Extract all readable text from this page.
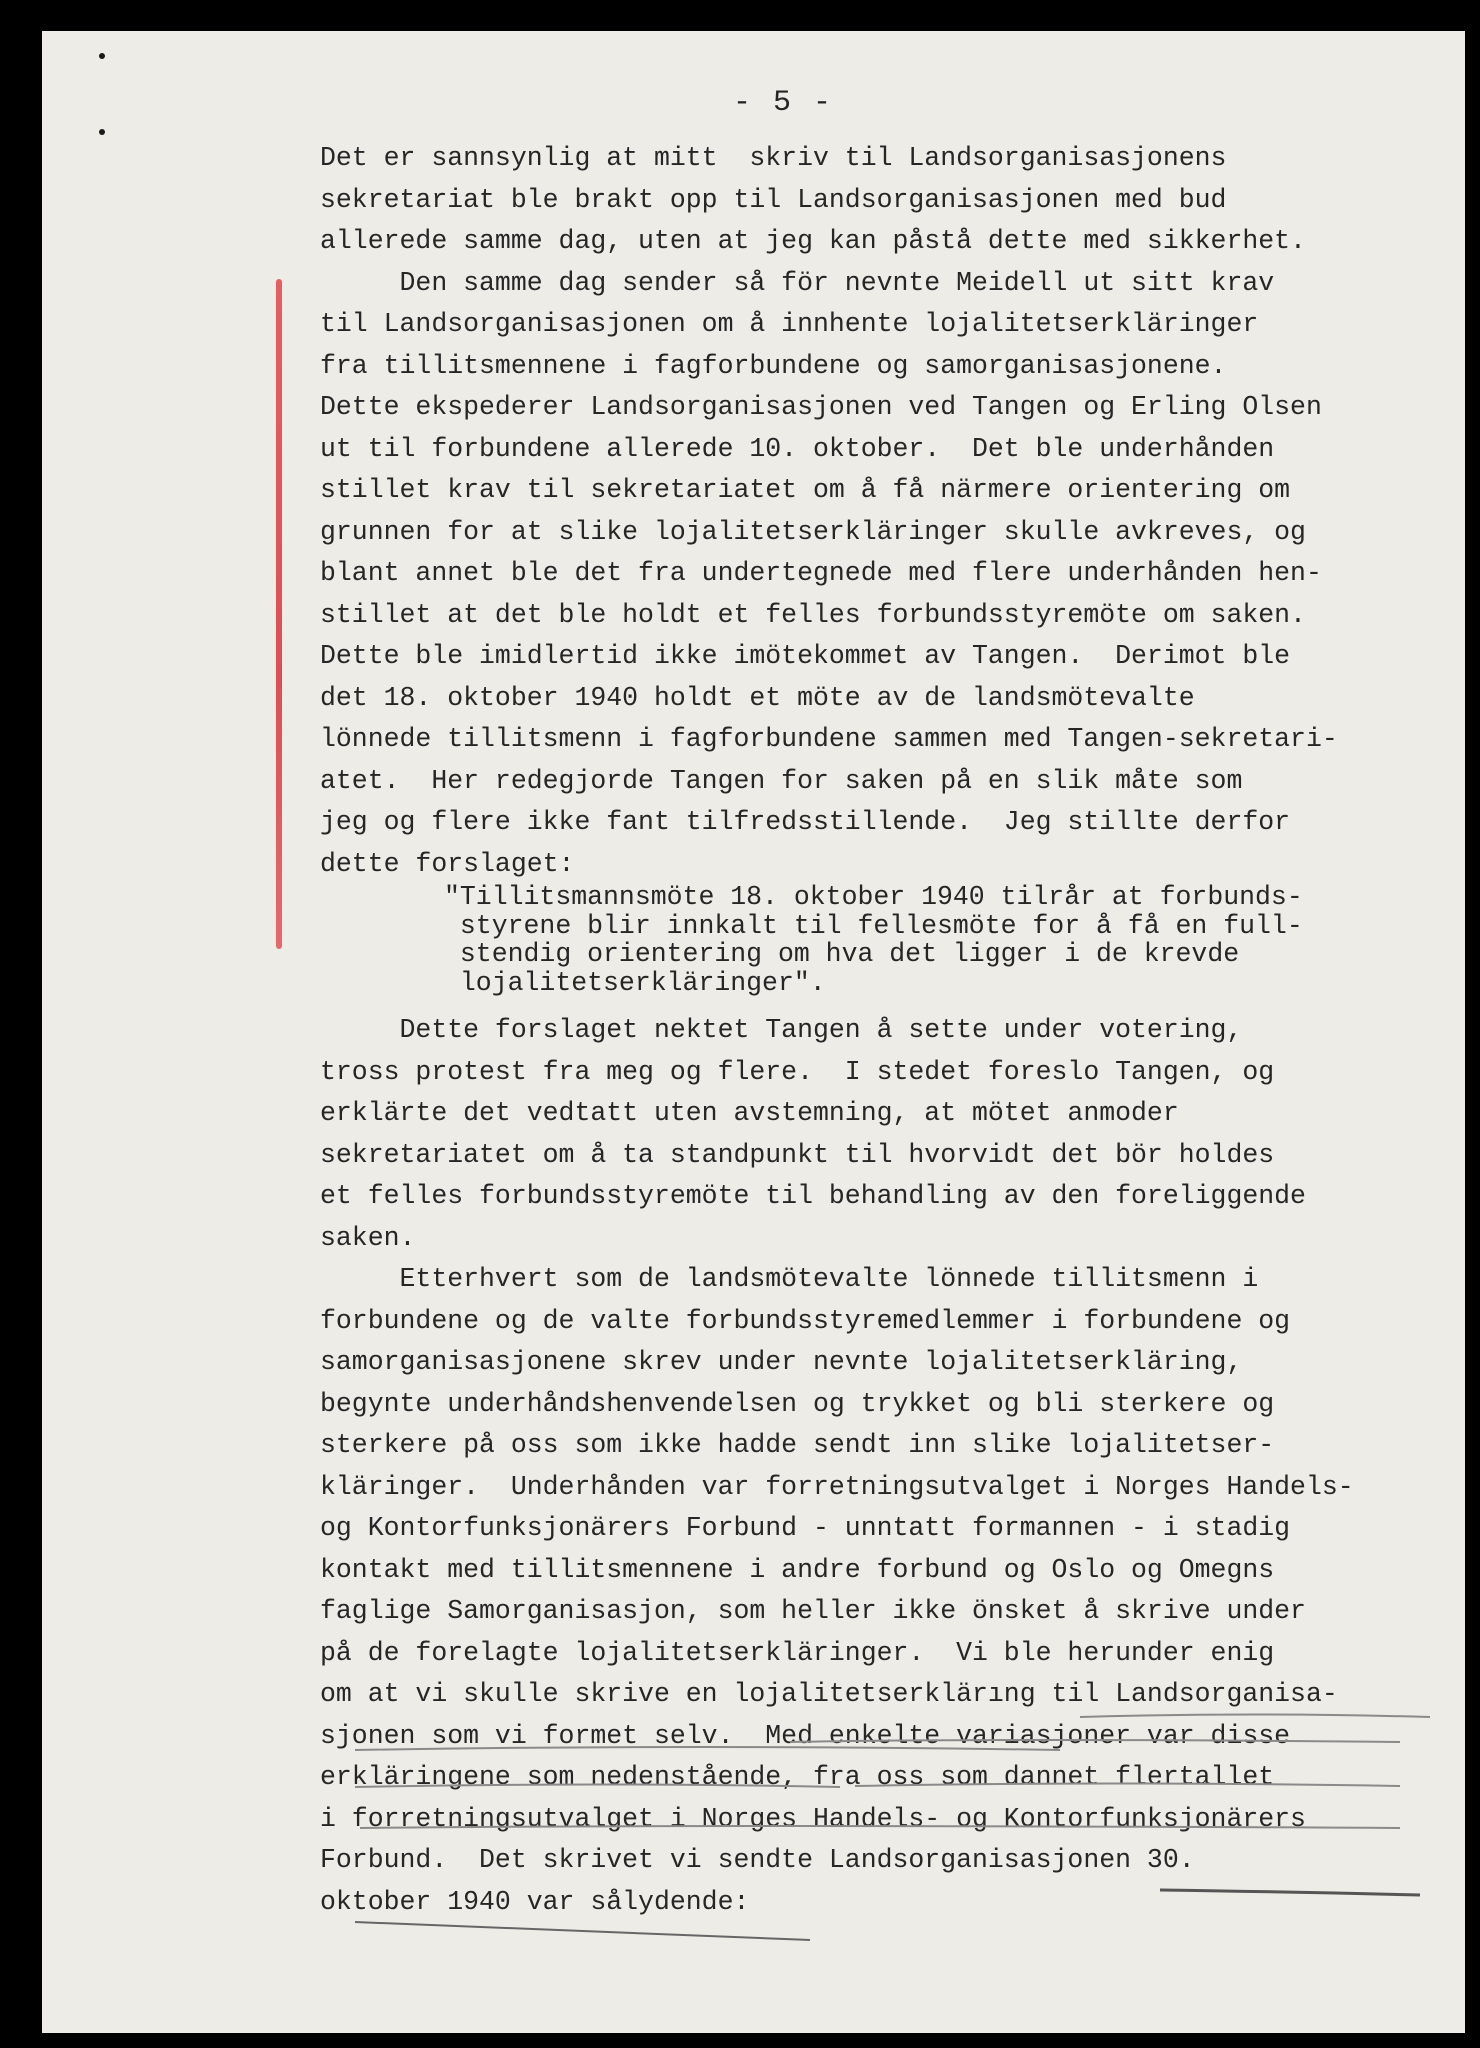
- 5 -
Det er sannsynlig at mitt  skriv til Landsorganisasjonens
sekretariat ble brakt opp til Landsorganisasjonen med bud
allerede samme dag, uten at jeg kan påstå dette med sikkerhet.
Den samme dag sender så för nevnte Meidell ut sitt krav
til Landsorganisasjonen om å innhente lojalitetserkläringer
fra tillitsmennene i fagforbundene og samorganisasjonene.
Dette ekspederer Landsorganisasjonen ved Tangen og Erling Olsen
ut til forbundene allerede 10. oktober.  Det ble underhånden
stillet krav til sekretariatet om å få närmere orientering om
grunnen for at slike lojalitetserkläringer skulle avkreves, og
blant annet ble det fra undertegnede med flere underhånden hen-
stillet at det ble holdt et felles forbundsstyremöte om saken.
Dette ble imidlertid ikke imötekommet av Tangen.  Derimot ble
det 18. oktober 1940 holdt et möte av de landsmötevalte
lönnede tillitsmenn i fagforbundene sammen med Tangen-sekretari-
atet.  Her redegjorde Tangen for saken på en slik måte som
jeg og flere ikke fant tilfredsstillende.  Jeg stillte derfor
dette forslaget:
"Tillitsmannsmöte 18. oktober 1940 tilrår at forbunds-
styrene blir innkalt til fellesmöte for å få en full-
stendig orientering om hva det ligger i de krevde
lojalitetserkläringer".
Dette forslaget nektet Tangen å sette under votering,
tross protest fra meg og flere.  I stedet foreslo Tangen, og
erklärte det vedtatt uten avstemning, at mötet anmoder
sekretariatet om å ta standpunkt til hvorvidt det bör holdes
et felles forbundsstyremöte til behandling av den foreliggende
saken.
Etterhvert som de landsmötevalte lönnede tillitsmenn i
forbundene og de valte forbundsstyremedlemmer i forbundene og
samorganisasjonene skrev under nevnte lojalitetserkläring,
begynte underhåndshenvendelsen og trykket og bli sterkere og
sterkere på oss som ikke hadde sendt inn slike lojalitetser-
kläringer.  Underhånden var forretningsutvalget i Norges Handels-
og Kontorfunksjonärers Forbund - unntatt formannen - i stadig
kontakt med tillitsmennene i andre forbund og Oslo og Omegns
faglige Samorganisasjon, som heller ikke önsket å skrive under
på de forelagte lojalitetserkläringer.  Vi ble herunder enig
om at vi skulle skrive en lojalitetserklärıng til Landsorganisa-
sjonen som vi formet selv.  Med enkelte variasjoner var disse
erkläringene som nedenstående, fra oss som dannet flertallet
i forretningsutvalget i Norges Handels- og Kontorfunksjonärers
Forbund.  Det skrivet vi sendte Landsorganisasjonen 30.
oktober 1940 var sålydende:
